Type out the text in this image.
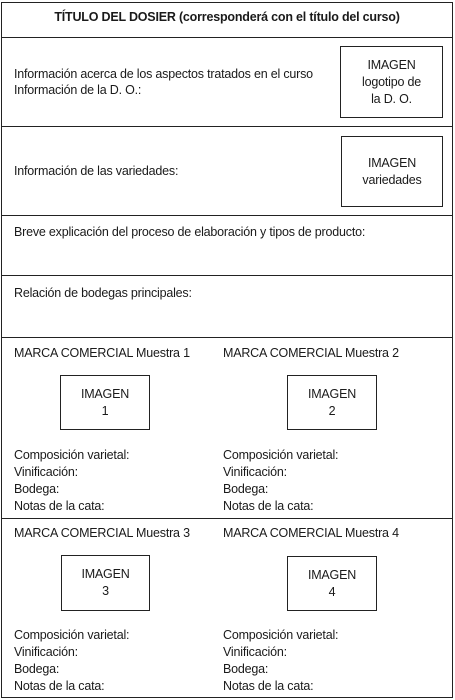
TÍTULO DEL DOSIER (corresponderá con el título del curso)
Información acerca de los aspectos tratados en el curso
Información de la D. O.:
IMAGEN
logotipo de
la D. O.
Información de las variedades:
IMAGEN
variedades
Breve explicación del proceso de elaboración y tipos de producto:
Relación de bodegas principales:
MARCA COMERCIAL Muestra 1
IMAGEN
1
Composición varietal:
Vinificación:
Bodega:
Notas de la cata:
MARCA COMERCIAL Muestra 2
IMAGEN
2
Composición varietal:
Vinificación:
Bodega:
Notas de la cata:
MARCA COMERCIAL Muestra 3
IMAGEN
3
Composición varietal:
Vinificación:
Bodega:
Notas de la cata:
MARCA COMERCIAL Muestra 4
IMAGEN
4
Composición varietal:
Vinificación:
Bodega:
Notas de la cata:
